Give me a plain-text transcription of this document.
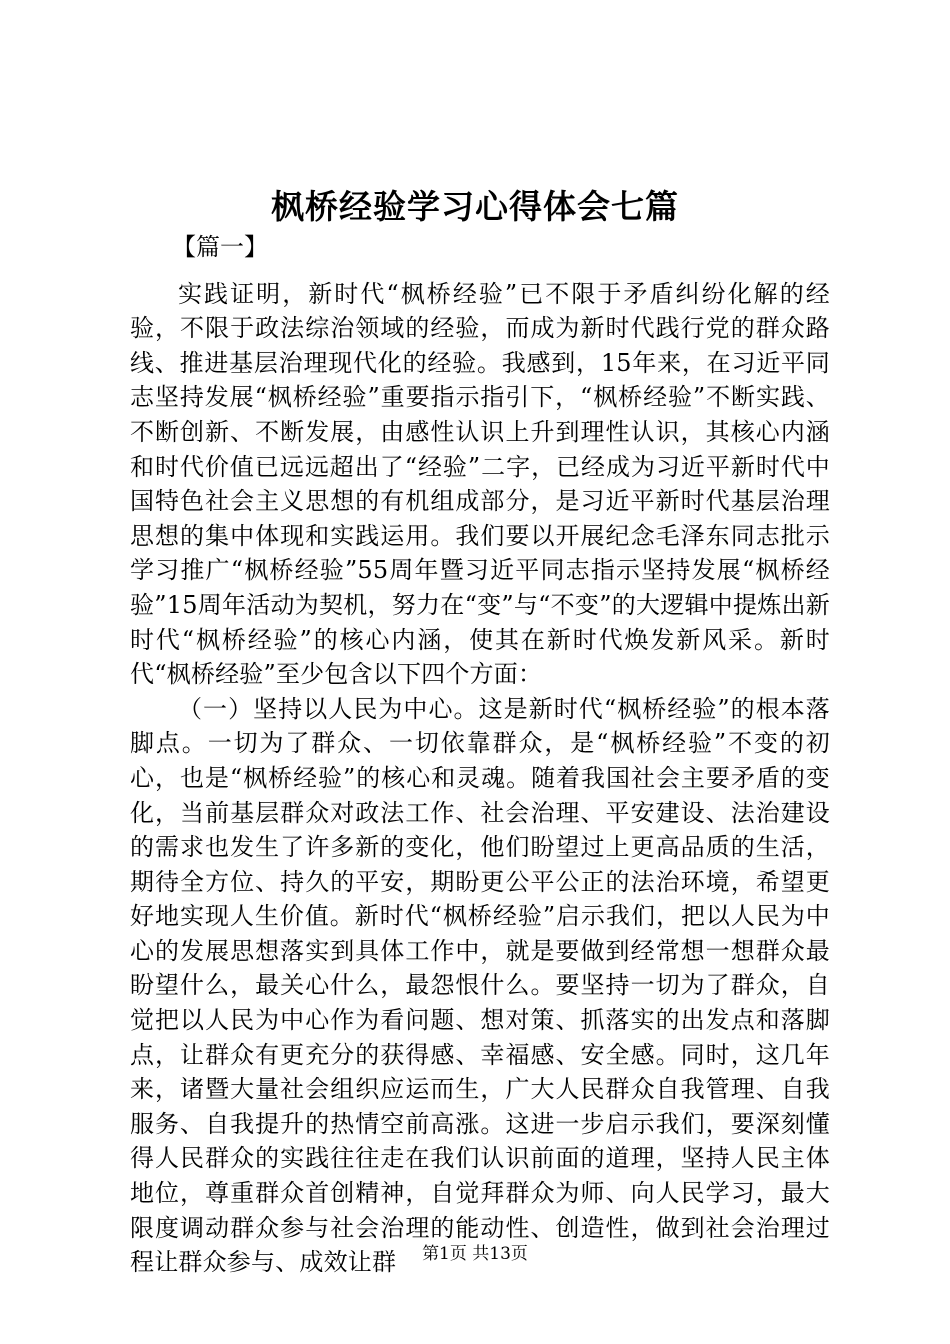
枫桥经验学习心得体会七篇
【篇一】

实践证明，新时代“枫桥经验”已不限于矛盾纠纷化解的经验，不限于政法综治领域的经验，而成为新时代践行党的群众路线、推进基层治理现代化的经验。我感到，15年来，在习近平同志坚持发展“枫桥经验”重要指示指引下，“枫桥经验”不断实践、不断创新、不断发展，由感性认识上升到理性认识，其核心内涵和时代价值已远远超出了“经验”二字，已经成为习近平新时代中国特色社会主义思想的有机组成部分，是习近平新时代基层治理思想的集中体现和实践运用。我们要以开展纪念毛泽东同志批示学习推广“枫桥经验”55周年暨习近平同志指示坚持发展“枫桥经验”15周年活动为契机，努力在“变”与“不变”的大逻辑中提炼出新时代“枫桥经验”的核心内涵，使其在新时代焕发新风采。新时代“枫桥经验”至少包含以下四个方面：

（一）坚持以人民为中心。这是新时代“枫桥经验”的根本落脚点。一切为了群众、一切依靠群众，是“枫桥经验”不变的初心，也是“枫桥经验”的核心和灵魂。随着我国社会主要矛盾的变化，当前基层群众对政法工作、社会治理、平安建设、法治建设的需求也发生了许多新的变化，他们盼望过上更高品质的生活，期待全方位、持久的平安，期盼更公平公正的法治环境，希望更好地实现人生价值。新时代“枫桥经验”启示我们，把以人民为中心的发展思想落实到具体工作中，就是要做到经常想一想群众最盼望什么，最关心什么，最怨恨什么。要坚持一切为了群众，自觉把以人民为中心作为看问题、想对策、抓落实的出发点和落脚点，让群众有更充分的获得感、幸福感、安全感。同时，这几年来，诸暨大量社会组织应运而生，广大人民群众自我管理、自我服务、自我提升的热情空前高涨。这进一步启示我们，要深刻懂得人民群众的实践往往走在我们认识前面的道理，坚持人民主体地位，尊重群众首创精神，自觉拜群众为师、向人民学习，最大限度调动群众参与社会治理的能动性、创造性，做到社会治理过程让群众参与、成效让群	第1页 共13页
